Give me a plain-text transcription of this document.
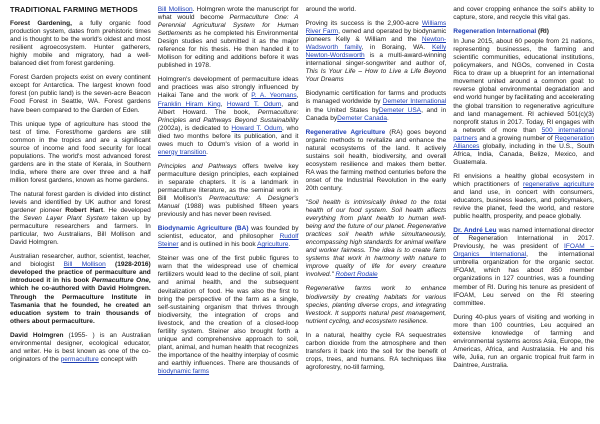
TRADITIONAL FARMING METHODS

Forest Gardening, a fully organic food production system, dates from prehistoric times and is thought to be the world's oldest and most resilient agroecosystem. Hunter gatherers, highly mobile and migratory, had a well-balanced diet from forest gardening.

Forest Garden projects exist on every continent except for Antarctica. The largest known food forest (on public land) is the seven-acre Beacon Food Forest in Seattle, WA. Forest gardens have been compared to the Garden of Eden.

This unique type of agriculture has stood the test of time. Forest/home gardens are still common in the tropics and are a significant source of income and food security for local populations. The world's most advanced forest gardens are in the state of Kerala, in Southern India, where there are over three and a half million forest gardens, known as home gardens.

The natural forest garden is divided into distinct levels and identified by UK author and forest gardener pioneer Robert Hart. He developed the Seven Layer Plant System taken up by permaculture researchers and farmers. In particular, two Australians, Bill Mollison and David Holmgren.

Australian researcher, author, scientist, teacher, and biologist Bill Mollison (1928-2016) developed the practice of permaculture and introduced it in his book Permaculture One, which he co-authored with David Holmgren. Through the Permaculture Institute in Tasmania that he founded, he created an education system to train thousands of others about permaculture.

David Holmgren (1955- ) is an Australian environmental designer, ecological educator, and writer. He is best known as one of the co-originators of the permaculture concept with

Bill Mollison. Holmgren wrote the manuscript for what would become Permaculture One: A Perennial Agricultural System for Human Settlements as he completed his Environmental Design studies and submitted it as the major reference for his thesis. He then handed it to Mollison for editing and additions before it was published in 1978.

Holmgren's development of permaculture ideas and practices was also strongly influenced by Haikai Tane and the work of P. A. Yeomans, Franklin Hiram King, Howard T. Odum, and Albert Howard. The book, Permaculture: Principles and Pathways Beyond Sustainability (2002a), is dedicated to Howard T. Odum, who died two months before its publication, and it owes much to Odum's vision of a world in energy transition.

Principles and Pathways offers twelve key permaculture design principles, each explained in separate chapters. It is a landmark in permaculture literature, as the seminal work in Bill Mollison's Permaculture: A Designer's Manual (1988) was published fifteen years previously and has never been revised.

Biodynamic Agriculture (BA) was founded by scientist, educator, and philosopher Rudolf Steiner and is outlined in his book Agriculture.

Steiner was one of the first public figures to warn that the widespread use of chemical fertilizers would lead to the decline of soil, plant and animal health, and the subsequent devitalization of food. He was also the first to bring the perspective of the farm as a single, self-sustaining organism that thrives through biodiversity, the integration of crops and livestock, and the creation of a closed-loop fertility system. Steiner also brought forth a unique and comprehensive approach to soil, plant, animal, and human health that recognizes the importance of the healthy interplay of cosmic and earthly influences. There are thousands of biodynamic farms

around the world.

Proving its success is the 2,900-acre Williams River Farm, owned and operated by biodynamic pioneers Kelly & William and the Newton-Wadsworth family, in Boraing, WA. Kelly Newton-Wordsworth is a multi-award-winning international singer-songwriter and author of, This Is Your Life – How to Live a Life Beyond Your Dreams

Biodynamic certification for farms and products is managed worldwide by Demeter International in the United States byDemeter USA, and in Canada byDemeter Canada.

Regenerative Agriculture (RA) goes beyond organic methods to revitalize and enhance the natural ecosystems of the land. It actively sustains soil health, biodiversity, and overall ecosystem resilience and makes them better. RA was the farming method centuries before the onset of the Industrial Revolution in the early 20th century.

"Soil health is intrinsically linked to the total health of our food system. Soil health affects everything from plant health to human well-being and the future of our planet. Regenerative practices soil health while simultaneously, encompassing high standards for animal welfare and worker fairness. The idea is to create farm systems that work in harmony with nature to improve quality of life for every creature involved." Robert Rodale

Regenerative farms work to enhance biodiversity by creating habitats for various species, planting diverse crops, and integrating livestock. It supports natural pest management, nutrient cycling, and ecosystem resilience.

In a natural, healthy cycle RA sequestrates carbon dioxide from the atmosphere and then transfers it back into the soil for the benefit of crops, trees, and humans. RA techniques like agroforestry, no-till farming,

and cover cropping enhance the soil's ability to capture, store, and recycle this vital gas.

Regeneration International (RI)

In June 2015, about 60 people from 21 nations, representing businesses, the farming and scientific communities, educational institutions, policymakers, and NGOs, convened in Costa Rica to draw up a blueprint for an international movement united around a common goal: to reverse global environmental degradation and end world hunger by facilitating and accelerating the global transition to regenerative agriculture and land management. RI achieved 501(c)(3) nonprofit status in 2017. Today, RI engages with a network of more than 500 international partners and a growing number of Regeneration Alliances globally, including in the U.S., South Africa, India, Canada, Belize, Mexico, and Guatemala.

RI envisions a healthy global ecosystem in which practitioners of regenerative agriculture and land use, in concert with consumers, educators, business leaders, and policymakers, revive the planet, feed the world, and restore public health, prosperity, and peace globally.

Dr. André Leu was named international director of Regeneration International in 2017. Previously, he was president of IFOAM – Organics International, the international umbrella organization for the organic sector. IFOAM, which has about 850 member organizations in 127 countries, was a founding member of RI. During his tenure as president of IFOAM, Leu served on the RI steering committee.

During 40-plus years of visiting and working in more than 100 countries, Leu acquired an extensive knowledge of farming and environmental systems across Asia, Europe, the Americas, Africa, and Australasia. He and his wife, Julia, run an organic tropical fruit farm in Daintree, Australia.
